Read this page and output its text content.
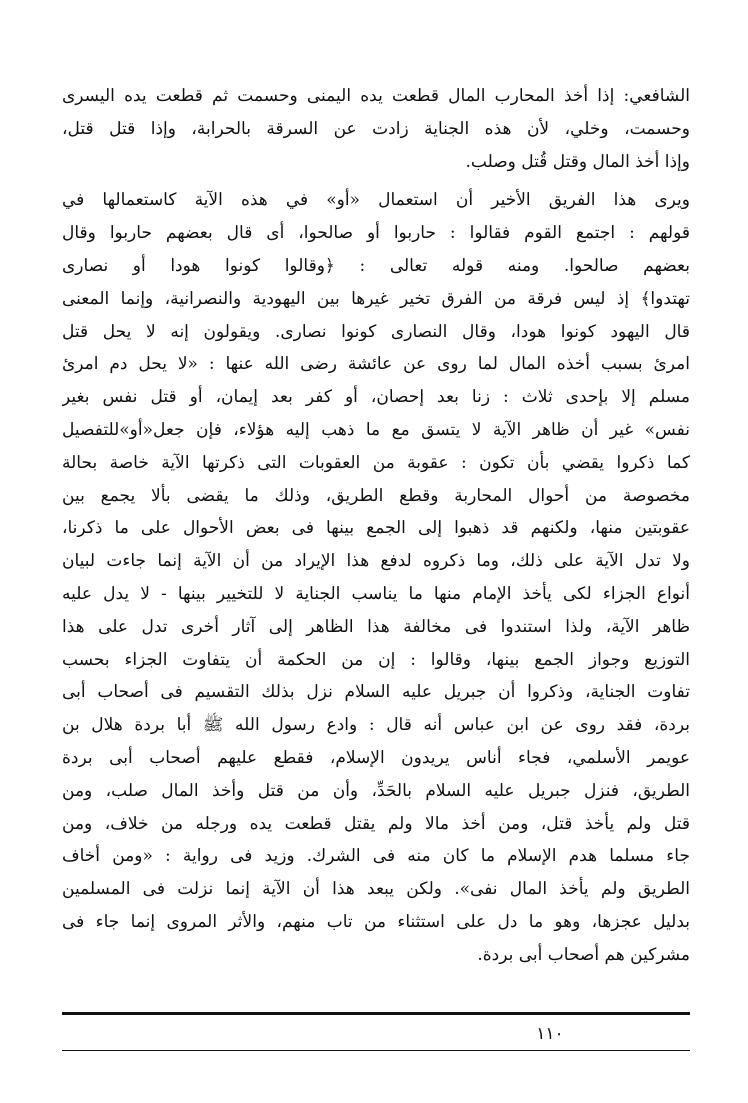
الشافعي: إذا أخذ المحارب المال قطعت يده اليمنى وحسمت ثم قطعت يده اليسرى
وحسمت، وخلي، لأن هذه الجناية زادت عن السرقة بالحرابة، وإذا قتل قتل،
وإذا أخذ المال وقتل قُتل وصلب.
ويرى هذا الفريق الأخير أن استعمال «أو» في هذه الآية كاستعمالها في
قولهم : اجتمع القوم فقالوا : حاربوا أو صالحوا، أى قال بعضهم حاربوا وقال
بعضهم صالحوا. ومنه قوله تعالى : ﴿وقالوا كونوا هودا أو نصارى
تهتدوا﴾ إذ ليس فرقة من الفرق تخير غيرها بين اليهودية والنصرانية، وإنما المعنى
قال اليهود كونوا هودا، وقال النصارى كونوا نصارى. ويقولون إنه لا يحل قتل
امرئ بسبب أخذه المال لما روى عن عائشة رضى الله عنها : «لا يحل دم امرئ
مسلم إلا بإحدى ثلاث : زنا بعد إحصان، أو كفر بعد إيمان، أو قتل نفس بغير
نفس» غير أن ظاهر الآية لا يتسق مع ما ذهب إليه هؤلاء، فإن جعل«أو»للتفصيل
كما ذكروا يقضي بأن تكون : عقوبة من العقوبات التى ذكرتها الآية خاصة بحالة
مخصوصة من أحوال المحاربة وقطع الطريق، وذلك ما يقضى بألا يجمع بين
عقوبتين منها، ولكنهم قد ذهبوا إلى الجمع بينها فى بعض الأحوال على ما ذكرنا،
ولا تدل الآية على ذلك، وما ذكروه لدفع هذا الإيراد من أن الآية إنما جاءت لبيان
أنواع الجزاء لكى يأخذ الإمام منها ما يناسب الجناية لا للتخيير بينها - لا يدل عليه
ظاهر الآية، ولذا استندوا فى مخالفة هذا الظاهر إلى آثار أخرى تدل على هذا
التوزيع وجواز الجمع بينها، وقالوا : إن من الحكمة أن يتفاوت الجزاء بحسب
تفاوت الجناية، وذكروا أن جبريل عليه السلام نزل بذلك التقسيم فى أصحاب أبى
بردة، فقد روى عن ابن عباس أنه قال : وادع رسول الله ﷺ أبا بردة هلال بن
عويمر الأسلمي، فجاء أناس يريدون الإسلام، فقطع عليهم أصحاب أبى بردة
الطريق، فنزل جبريل عليه السلام بالحَدِّ، وأن من قتل وأخذ المال صلب، ومن
قتل ولم يأخذ قتل، ومن أخذ مالا ولم يقتل قطعت يده ورجله من خلاف، ومن
جاء مسلما هدم الإسلام ما كان منه فى الشرك. وزيد فى رواية : «ومن أخاف
الطريق ولم يأخذ المال نفى». ولكن يبعد هذا أن الآية إنما نزلت فى المسلمين
بدليل عجزها، وهو ما دل على استثناء من تاب منهم، والأثر المروى إنما جاء فى
مشركين هم أصحاب أبى بردة.
١١٠
